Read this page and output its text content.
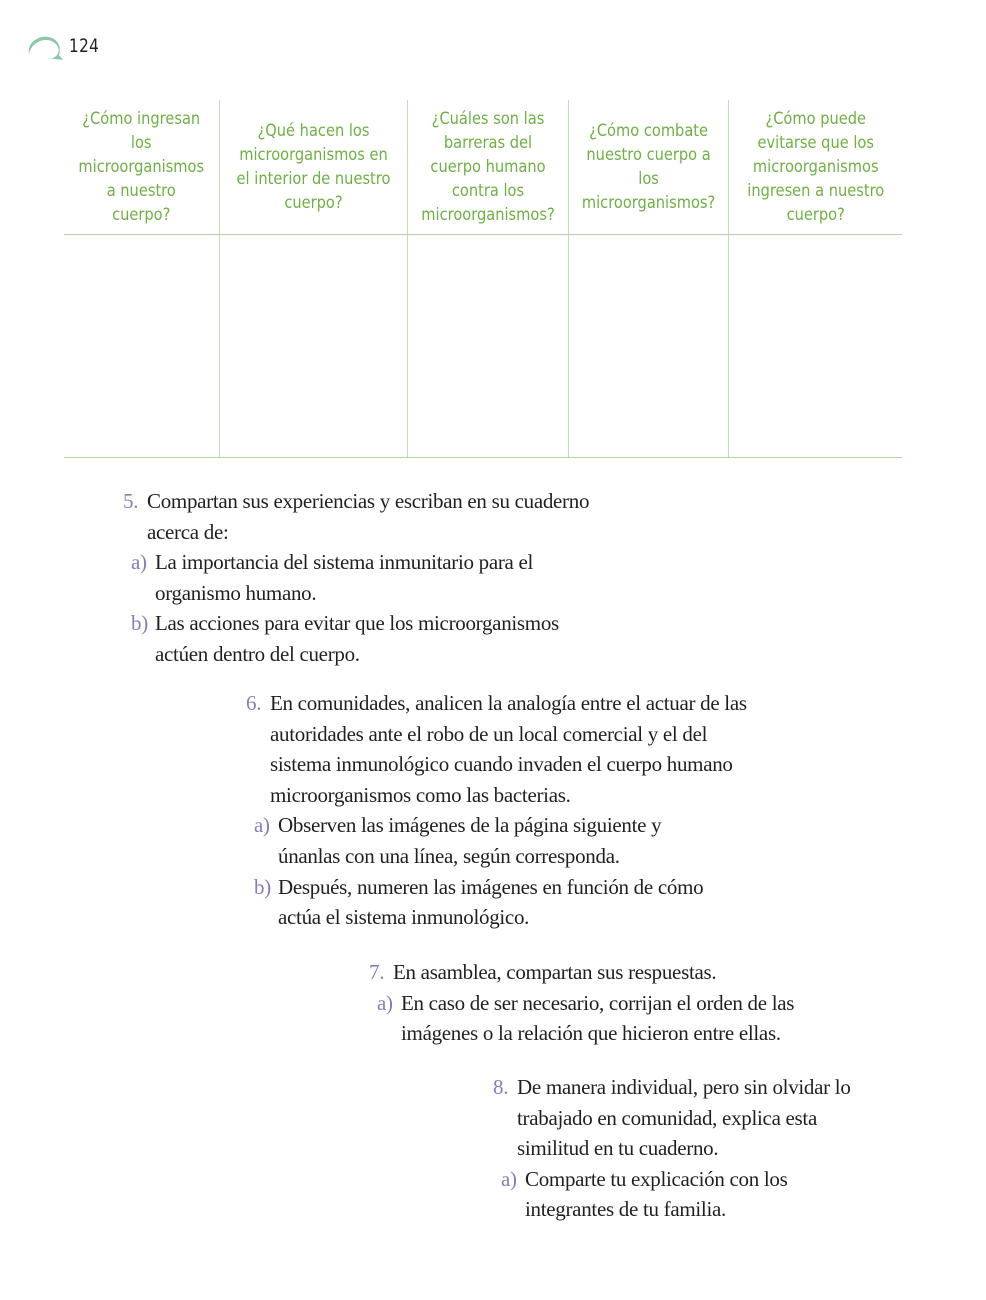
124
¿Cómo ingresan los microorganismos a nuestro cuerpo?	¿Qué hacen los microorganismos en el interior de nuestro cuerpo?	¿Cuáles son las barreras del cuerpo humano contra los microorganismos?	¿Cómo combate nuestro cuerpo a los microorganismos?	¿Cómo puede evitarse que los microorganismos ingresen a nuestro cuerpo?

5. Compartan sus experiencias y escriban en su cuaderno acerca de:
a) La importancia del sistema inmunitario para el organismo humano.
b) Las acciones para evitar que los microorganismos actúen dentro del cuerpo.
6. En comunidades, analicen la analogía entre el actuar de las autoridades ante el robo de un local comercial y el del sistema inmunológico cuando invaden el cuerpo humano microorganismos como las bacterias.
a) Observen las imágenes de la página siguiente y únanlas con una línea, según corresponda.
b) Después, numeren las imágenes en función de cómo actúa el sistema inmunológico.
7. En asamblea, compartan sus respuestas.
a) En caso de ser necesario, corrijan el orden de las imágenes o la relación que hicieron entre ellas.
8. De manera individual, pero sin olvidar lo trabajado en comunidad, explica esta similitud en tu cuaderno.
a) Comparte tu explicación con los integrantes de tu familia.
